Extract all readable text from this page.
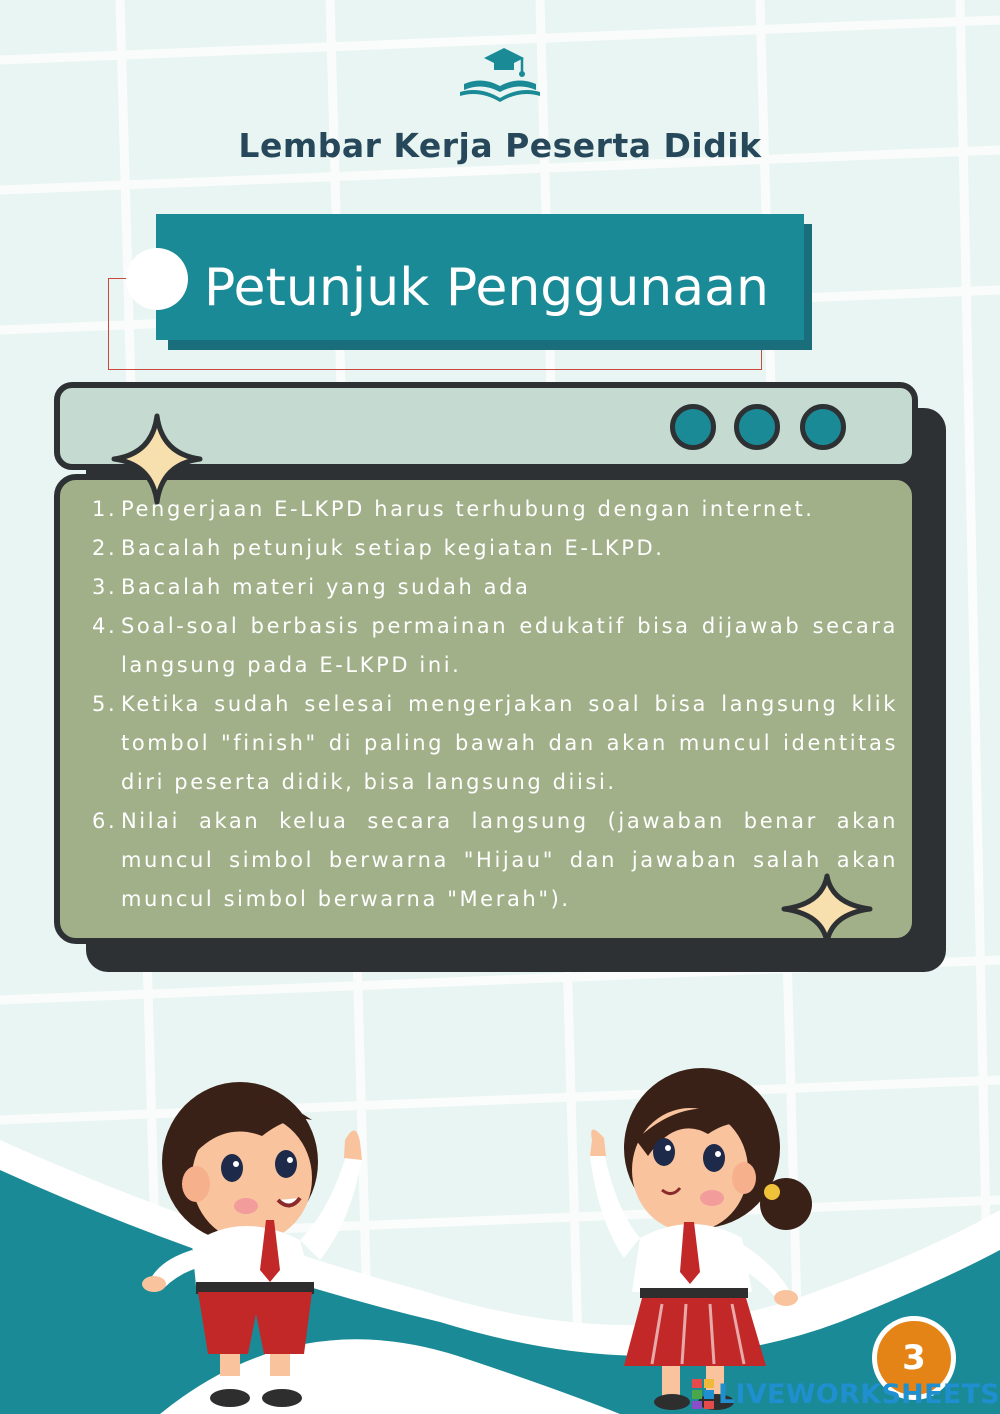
Lembar Kerja Peserta Didik
Petunjuk Penggunaan
1. Pengerjaan E-LKPD harus terhubung dengan internet.
2. Bacalah petunjuk setiap kegiatan E-LKPD.
3. Bacalah materi yang sudah ada
4. Soal-soal berbasis permainan edukatif bisa dijawab secara langsung pada E-LKPD ini.
5. Ketika sudah selesai mengerjakan soal bisa langsung klik tombol "finish" di paling bawah dan akan muncul identitas diri peserta didik, bisa langsung diisi.
6. Nilai akan kelua secara langsung (jawaban benar akan muncul simbol berwarna "Hijau" dan jawaban salah akan muncul simbol berwarna "Merah").
3
LIVEWORKSHEETS
